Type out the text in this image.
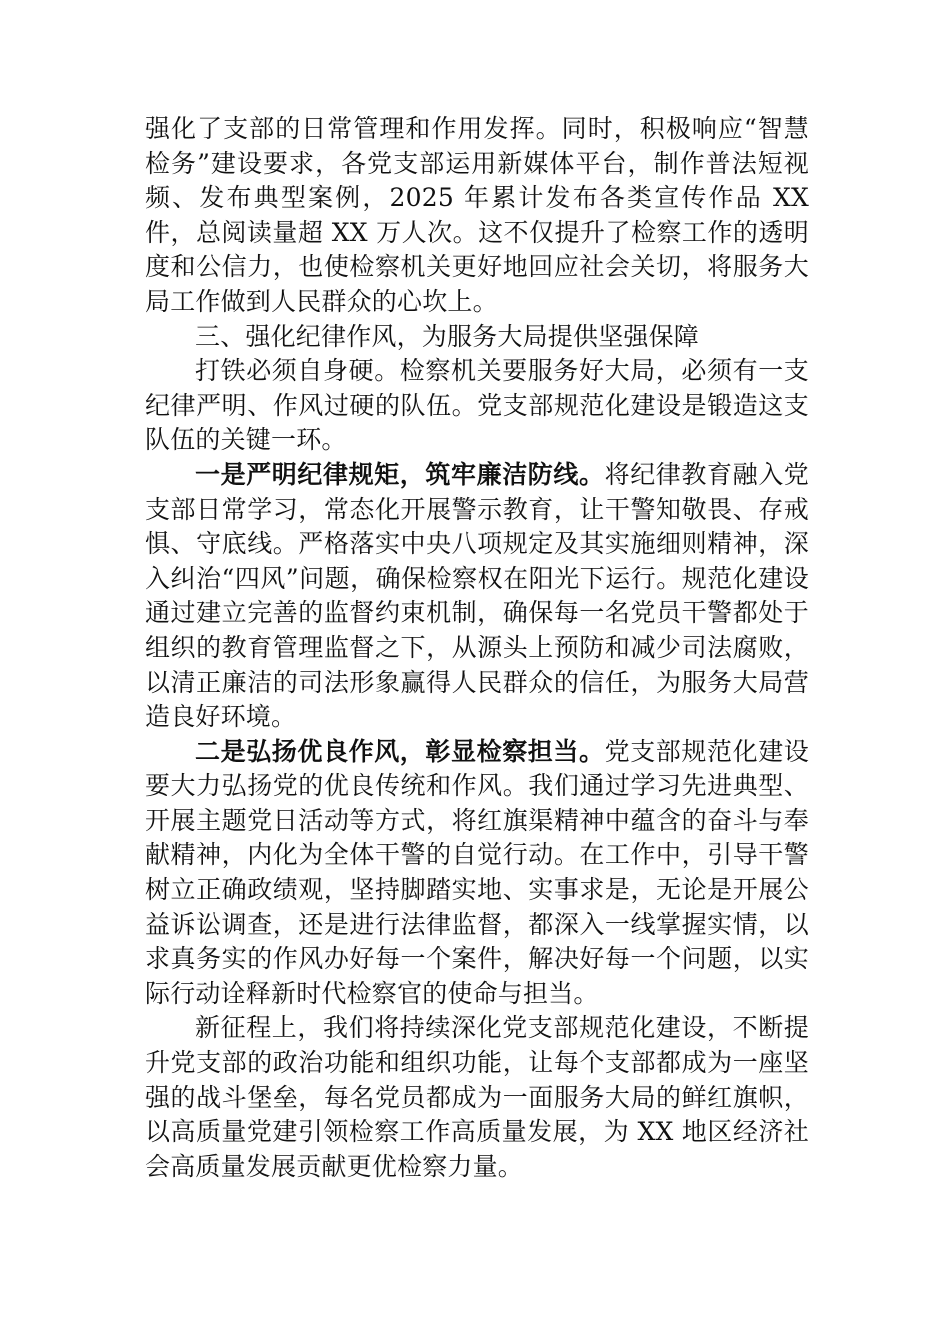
强化了支部的日常管理和作用发挥。同时，积极响应“智慧检务”建设要求，各党支部运用新媒体平台，制作普法短视频、发布典型案例，2025 年累计发布各类宣传作品 XX 件，总阅读量超 XX 万人次。这不仅提升了检察工作的透明度和公信力，也使检察机关更好地回应社会关切，将服务大局工作做到人民群众的心坎上。

三、强化纪律作风，为服务大局提供坚强保障

打铁必须自身硬。检察机关要服务好大局，必须有一支纪律严明、作风过硬的队伍。党支部规范化建设是锻造这支队伍的关键一环。

一是严明纪律规矩，筑牢廉洁防线。将纪律教育融入党支部日常学习，常态化开展警示教育，让干警知敬畏、存戒惧、守底线。严格落实中央八项规定及其实施细则精神，深入纠治“四风”问题，确保检察权在阳光下运行。规范化建设通过建立完善的监督约束机制，确保每一名党员干警都处于组织的教育管理监督之下，从源头上预防和减少司法腐败，以清正廉洁的司法形象赢得人民群众的信任，为服务大局营造良好环境。

二是弘扬优良作风，彰显检察担当。党支部规范化建设要大力弘扬党的优良传统和作风。我们通过学习先进典型、开展主题党日活动等方式，将红旗渠精神中蕴含的奋斗与奉献精神，内化为全体干警的自觉行动。在工作中，引导干警树立正确政绩观，坚持脚踏实地、实事求是，无论是开展公益诉讼调查，还是进行法律监督，都深入一线掌握实情，以求真务实的作风办好每一个案件，解决好每一个问题，以实际行动诠释新时代检察官的使命与担当。

新征程上，我们将持续深化党支部规范化建设，不断提升党支部的政治功能和组织功能，让每个支部都成为一座坚强的战斗堡垒，每名党员都成为一面服务大局的鲜红旗帜，以高质量党建引领检察工作高质量发展，为 XX 地区经济社会高质量发展贡献更优检察力量。
